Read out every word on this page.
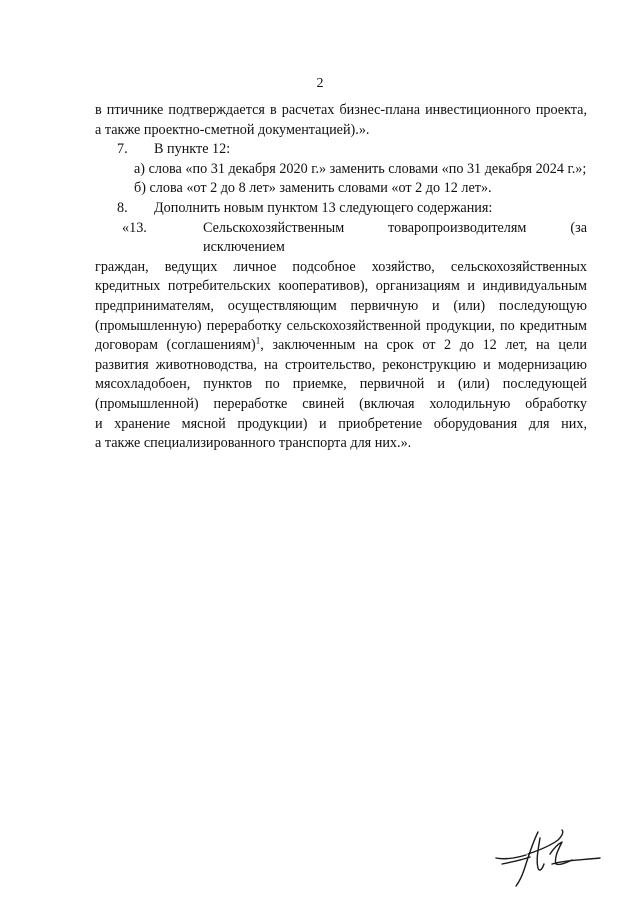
2
в птичнике подтверждается в расчетах бизнес-плана инвестиционного проекта,
а также проектно-сметной документацией).».
7. В пункте 12:
а) слова «по 31 декабря 2020 г.» заменить словами «по 31 декабря 2024 г.»;
б) слова «от 2 до 8 лет» заменить словами «от 2 до 12 лет».
8. Дополнить новым пунктом 13 следующего содержания:
«13.	Сельскохозяйственным товаропроизводителям (за исключением
граждан, ведущих личное подсобное хозяйство, сельскохозяйственных
кредитных потребительских кооперативов), организациям и индивидуальным
предпринимателям, осуществляющим первичную и (или) последующую
(промышленную) переработку сельскохозяйственной продукции, по кредитным
договорам (соглашениям)$^1$, заключенным на срок от 2 до 12 лет, на цели
развития животноводства, на строительство, реконструкцию и модернизацию
мясохладобоен, пунктов по приемке, первичной и (или) последующей
(промышленной) переработке свиней (включая холодильную обработку
и хранение мясной продукции) и приобретение оборудования для них,
а также специализированного транспорта для них.».
